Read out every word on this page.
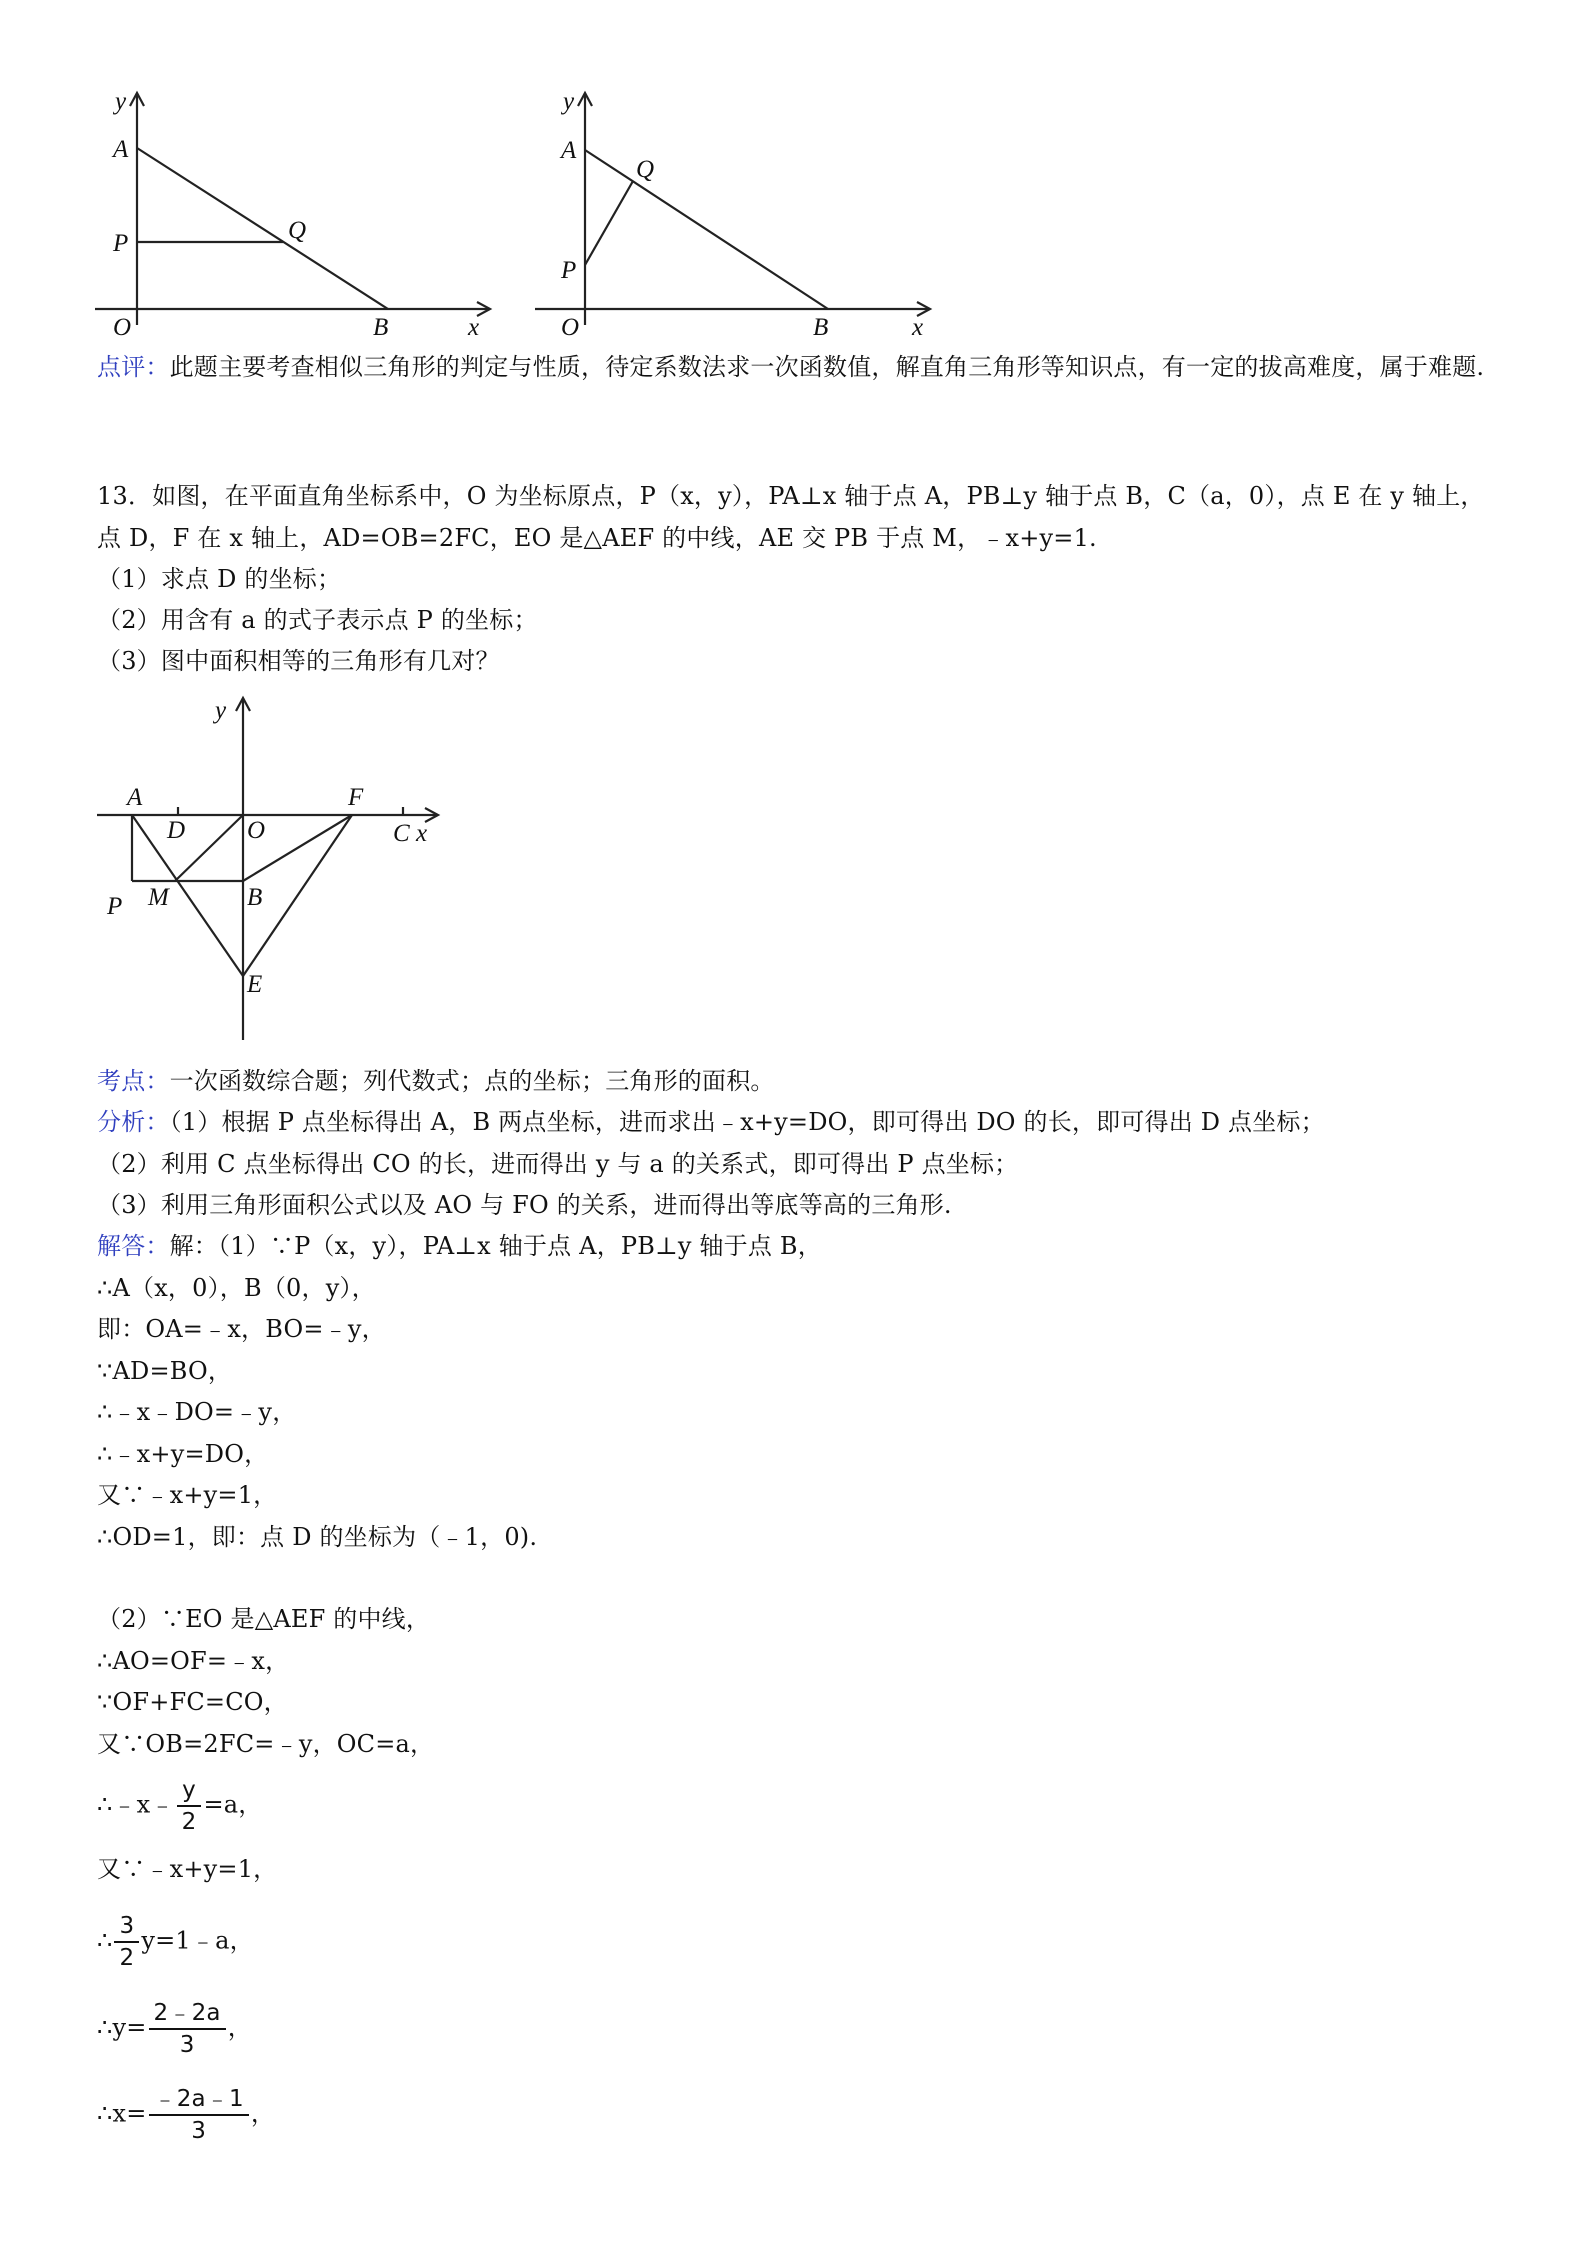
y
A
P	Q
O	B	x
y
A
Q
P
O	B	x
点评：此题主要考查相似三角形的判定与性质，待定系数法求一次函数值，解直角三角形等知识点，有一定的拔高难度，属于难题.
13．如图，在平面直角坐标系中，O 为坐标原点，P（x，y），PA⊥x 轴于点 A，PB⊥y 轴于点 B，C（a，0），点 E 在 y 轴上，点 D，F 在 x 轴上，AD=OB=2FC，EO 是△AEF 的中线，AE 交 PB 于点 M，﹣x+y=1.
（1）求点 D 的坐标；
（2）用含有 a 的式子表示点 P 的坐标；
（3）图中面积相等的三角形有几对？
y
A
D O
F
C x
P M	B
E
考点：一次函数综合题；列代数式；点的坐标；三角形的面积。
分析：（1）根据 P 点坐标得出 A，B 两点坐标，进而求出﹣x+y=DO，即可得出 DO 的长，即可得出 D 点坐标；
（2）利用 C 点坐标得出 CO 的长，进而得出 y 与 a 的关系式，即可得出 P 点坐标；
（3）利用三角形面积公式以及 AO 与 FO 的关系，进而得出等底等高的三角形.
解答：解：（1）∵P（x，y），PA⊥x 轴于点 A，PB⊥y 轴于点 B，
∴A（x，0），B（0，y），
即：OA=﹣x，BO=﹣y，
∵AD=BO，
∴﹣x﹣DO=﹣y，
∴﹣x+y=DO，
又∵﹣x+y=1，
∴OD=1，即：点 D 的坐标为（﹣1，0).
（2）∵EO 是△AEF 的中线，
∴AO=OF=﹣x，
∵OF+FC=CO，
又∵OB=2FC=﹣y，OC=a，
∴﹣x﹣ $\frac{y}{2} =a$，
又∵﹣x+y=1，
∴ $\frac{3}{2}$ y=1﹣a，
∴y= $\frac{2﹣2a}{3}$ ，
∴x= $\frac{﹣2a﹣1}{3}$ ，
